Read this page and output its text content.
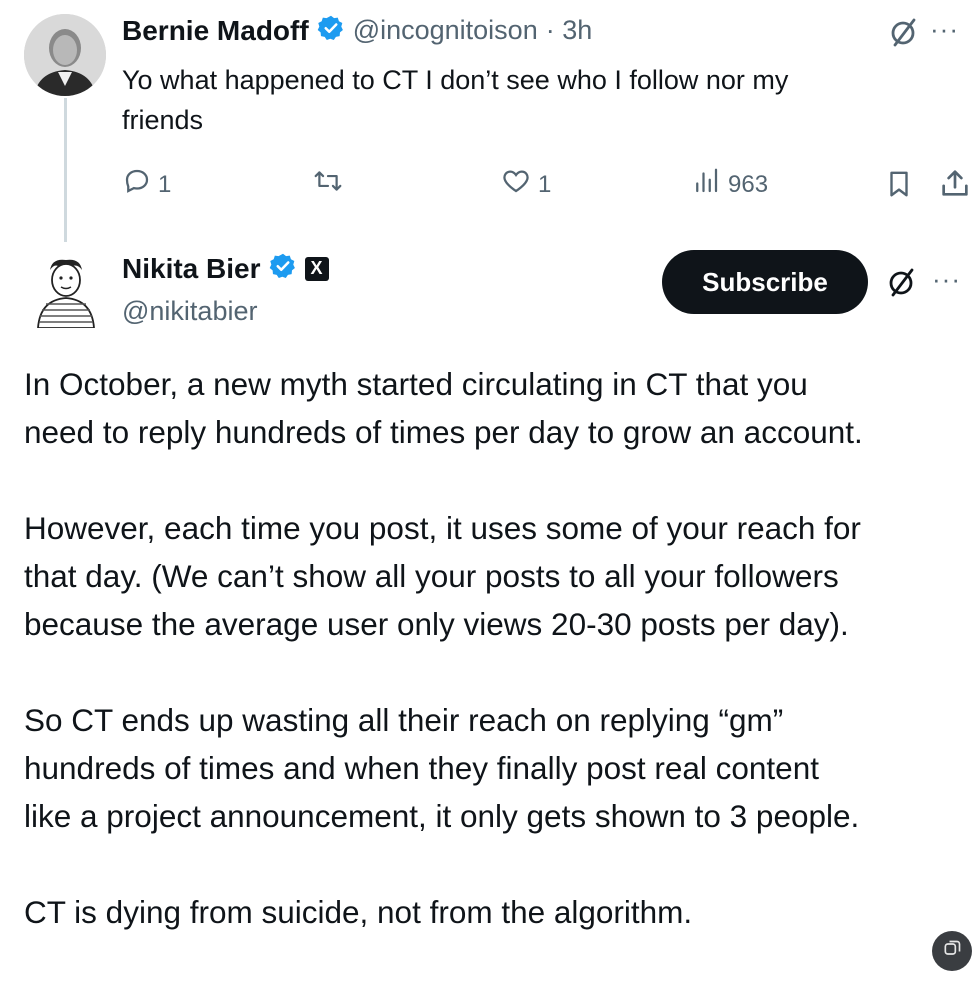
Bernie Madoff @incognitoison · 3h	···
Yo what happened to CT I don’t see who I follow nor my
friends
1	1	963
Nikita Bier	X
@nikitabier
Subscribe	···

In October, a new myth started circulating in CT that you
need to reply hundreds of times per day to grow an account.

However, each time you post, it uses some of your reach for
that day. (We can’t show all your posts to all your followers
because the average user only views 20-30 posts per day).

So CT ends up wasting all their reach on replying “gm”
hundreds of times and when they finally post real content
like a project announcement, it only gets shown to 3 people.

CT is dying from suicide, not from the algorithm.
